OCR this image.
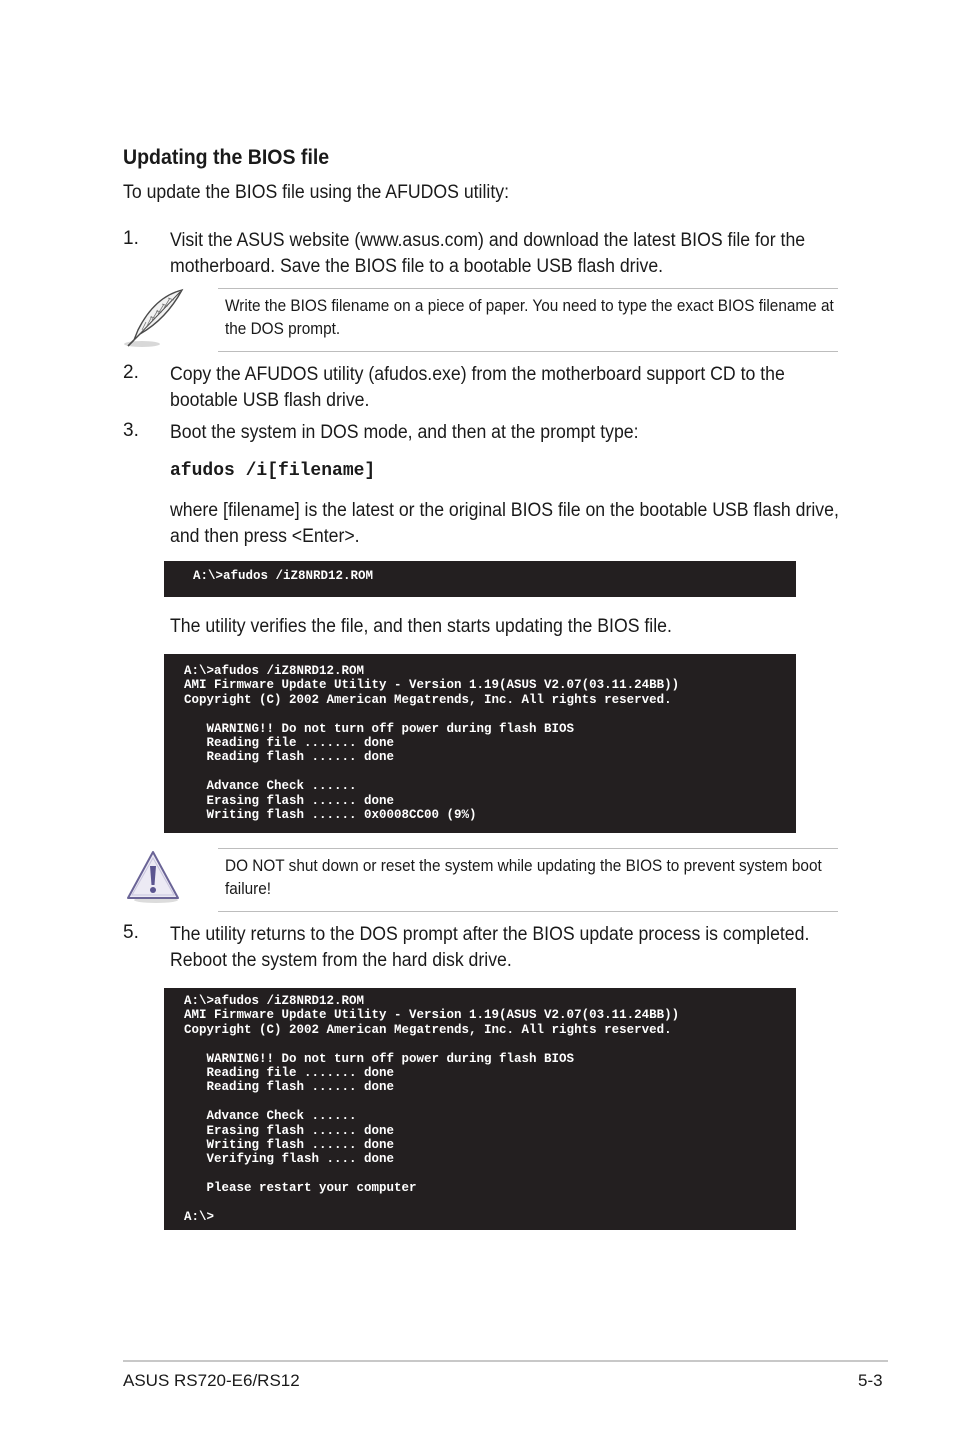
Updating the BIOS file
To update the BIOS file using the AFUDOS utility:
1. Visit the ASUS website (www.asus.com) and download the latest BIOS file for the motherboard. Save the BIOS file to a bootable USB flash drive.
Write the BIOS filename on a piece of paper. You need to type the exact BIOS filename at the DOS prompt.
2. Copy the AFUDOS utility (afudos.exe) from the motherboard support CD to the bootable USB flash drive.
3. Boot the system in DOS mode, and then at the prompt type:
afudos /i[filename]
where [filename] is the latest or the original BIOS file on the bootable USB flash drive, and then press <Enter>.
A:\>afudos /iZ8NRD12.ROM
The utility verifies the file, and then starts updating the BIOS file.
A:\>afudos /iZ8NRD12.ROM
AMI Firmware Update Utility - Version 1.19(ASUS V2.07(03.11.24BB))
Copyright (C) 2002 American Megatrends, Inc. All rights reserved.
WARNING!! Do not turn off power during flash BIOS
Reading file ....... done
Reading flash ...... done
Advance Check ......
Erasing flash ...... done
Writing flash ...... 0x0008CC00 (9%)
DO NOT shut down or reset the system while updating the BIOS to prevent system boot failure!
5. The utility returns to the DOS prompt after the BIOS update process is completed. Reboot the system from the hard disk drive.
A:\>afudos /iZ8NRD12.ROM
AMI Firmware Update Utility - Version 1.19(ASUS V2.07(03.11.24BB))
Copyright (C) 2002 American Megatrends, Inc. All rights reserved.
WARNING!! Do not turn off power during flash BIOS
Reading file ....... done
Reading flash ...... done
Advance Check ......
Erasing flash ...... done
Writing flash ...... done
Verifying flash .... done
Please restart your computer
A:\>
ASUS RS720-E6/RS12	5-3
